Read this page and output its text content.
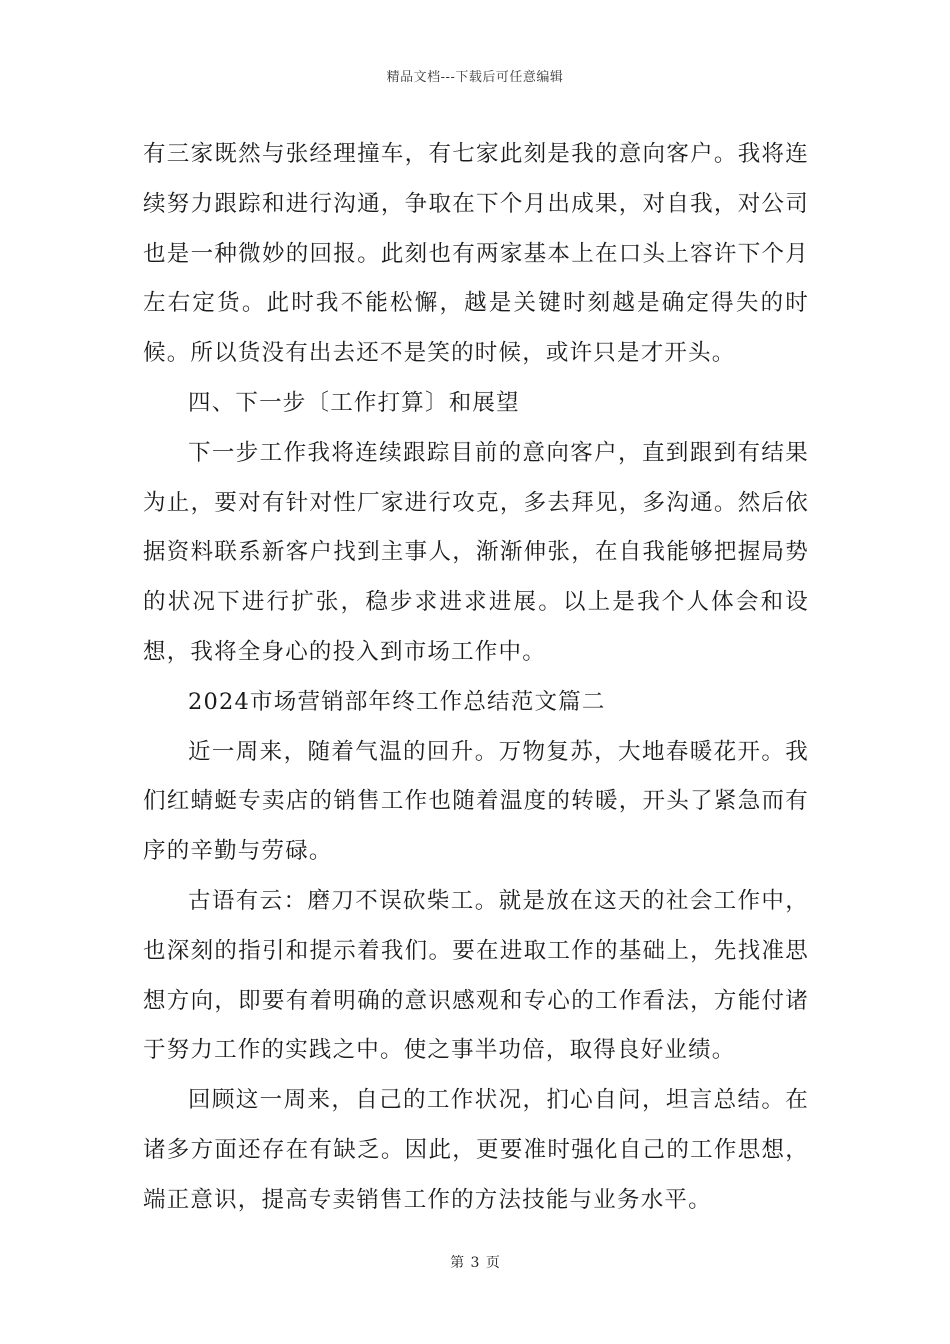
精品文档---下载后可任意编辑

有三家既然与张经理撞车，有七家此刻是我的意向客户。我将连续努力跟踪和进行沟通，争取在下个月出成果，对自我，对公司也是一种微妙的回报。此刻也有两家基本上在口头上容许下个月左右定货。此时我不能松懈，越是关键时刻越是确定得失的时候。所以货没有出去还不是笑的时候，或许只是才开头。

四、下一步〔工作打算〕和展望

下一步工作我将连续跟踪目前的意向客户，直到跟到有结果为止，要对有针对性厂家进行攻克，多去拜见，多沟通。然后依据资料联系新客户找到主事人，渐渐伸张，在自我能够把握局势的状况下进行扩张，稳步求进求进展。以上是我个人体会和设想，我将全身心的投入到市场工作中。

2024市场营销部年终工作总结范文篇二

近一周来，随着气温的回升。万物复苏，大地春暖花开。我们红蜻蜓专卖店的销售工作也随着温度的转暖，开头了紧急而有序的辛勤与劳碌。

古语有云：磨刀不误砍柴工。就是放在这天的社会工作中，也深刻的指引和提示着我们。要在进取工作的基础上，先找准思想方向，即要有着明确的意识感观和专心的工作看法，方能付诸于努力工作的实践之中。使之事半功倍，取得良好业绩。

回顾这一周来，自己的工作状况，扪心自问，坦言总结。在诸多方面还存在有缺乏。因此，更要准时强化自己的工作思想，端正意识，提高专卖销售工作的方法技能与业务水平。

第 3 页
